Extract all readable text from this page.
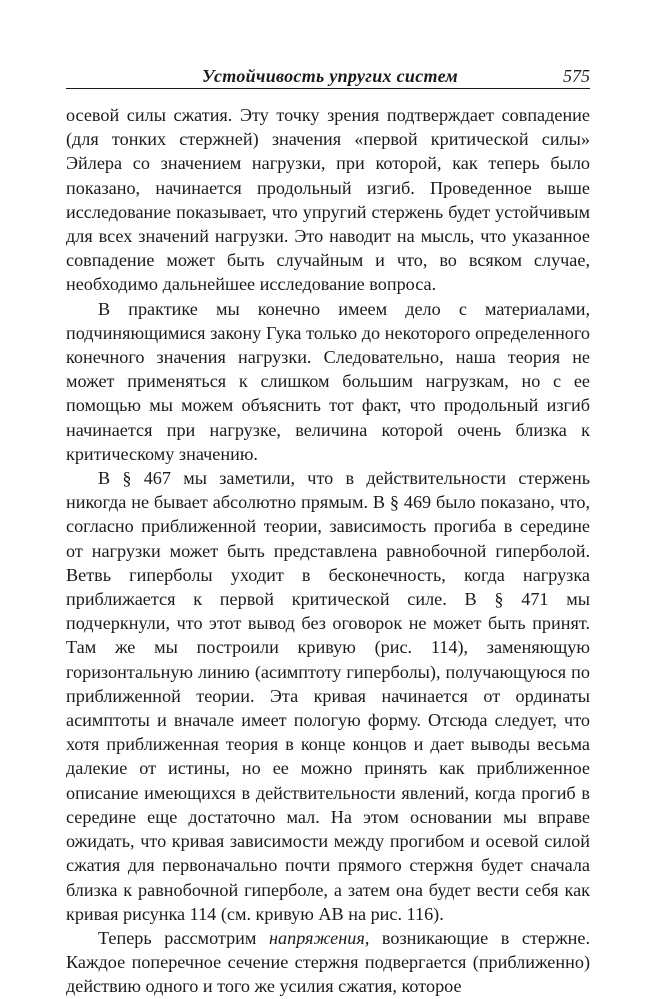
Устойчивость упругих систем	575

осевой силы сжатия. Эту точку зрения подтверждает совпадение (для тонких стержней) значения «первой критической силы» Эйлера со значением нагрузки, при которой, как теперь было показано, начинается продольный изгиб. Проведенное выше исследование показывает, что упругий стержень будет устойчивым для всех значений нагрузки. Это наводит на мысль, что указанное совпадение может быть случайным и что, во всяком случае, необходимо дальнейшее исследование вопроса.

В практике мы конечно имеем дело с материалами, подчиняющимися закону Гука только до некоторого определенного конечного значения нагрузки. Следовательно, наша теория не может применяться к слишком большим нагрузкам, но с ее помощью мы можем объяснить тот факт, что продольный изгиб начинается при нагрузке, величина которой очень близка к критическому значению.

В § 467 мы заметили, что в действительности стержень никогда не бывает абсолютно прямым. В § 469 было показано, что, согласно приближенной теории, зависимость прогиба в середине от нагрузки может быть представлена равнобочной гиперболой. Ветвь гиперболы уходит в бесконечность, когда нагрузка приближается к первой критической силе. В § 471 мы подчеркнули, что этот вывод без оговорок не может быть принят. Там же мы построили кривую (рис. 114), заменяющую горизонтальную линию (асимптоту гиперболы), получающуюся по приближенной теории. Эта кривая начинается от ординаты асимптоты и вначале имеет пологую форму. Отсюда следует, что хотя приближенная теория в конце концов и дает выводы весьма далекие от истины, но ее можно принять как приближенное описание имеющихся в действительности явлений, когда прогиб в середине еще достаточно мал. На этом основании мы вправе ожидать, что кривая зависимости между прогибом и осевой силой сжатия для первоначально почти прямого стержня будет сначала близка к равнобочной гиперболе, а затем она будет вести себя как кривая рисунка 114 (см. кривую AB на рис. 116).

Теперь рассмотрим напряжения, возникающие в стержне. Каждое поперечное сечение стержня подвергается (приближенно) действию одного и того же усилия сжатия, которое
